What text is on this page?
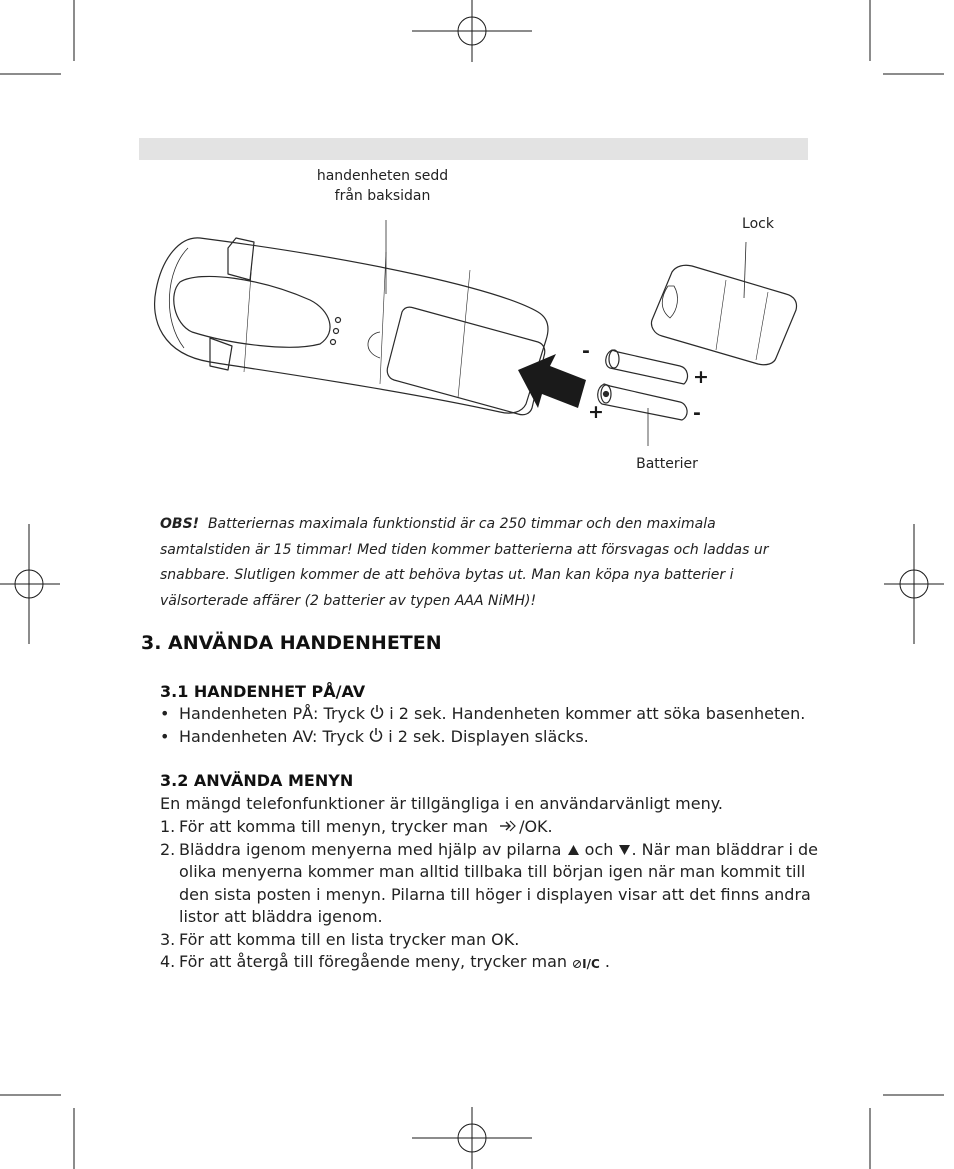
handenheten sedd
från baksidan
Lock
Batterier
-
+
+	-
OBS! Batteriernas maximala funktionstid är ca 250 timmar och den maximala samtalstiden är 15 timmar! Med tiden kommer batterierna att försvagas och laddas ur snabbare. Slutligen kommer de att behöva bytas ut. Man kan köpa nya batterier i välsorterade affärer (2 batterier av typen AAA NiMH)!
3. ANVÄNDA HANDENHETEN
3.1 HANDENHET PÅ/AV
• Handenheten PÅ: Tryck i 2 sek. Handenheten kommer att söka basenheten.
• Handenheten AV: Tryck i 2 sek. Displayen släcks.
3.2 ANVÄNDA MENYN
En mängd telefonfunktioner är tillgängliga i en användarvänligt meny.
1. För att komma till menyn, trycker man /OK.
2. Bläddra igenom menyerna med hjälp av pilarna och . När man bläddrar i de olika menyerna kommer man alltid tillbaka till början igen när man kommit till den sista posten i menyn. Pilarna till höger i displayen visar att det finns andra listor att bläddra igenom.
3. För att komma till en lista trycker man OK.
4. För att återgå till föregående meny, trycker man I/C .
